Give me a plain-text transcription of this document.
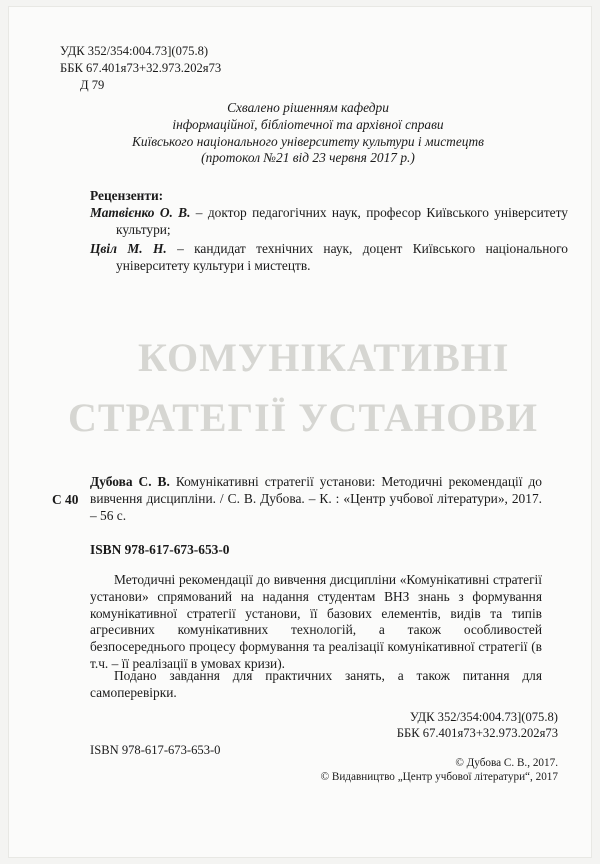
КОМУНІКАТИВНІ
СТРАТЕГІЇ УСТАНОВИ
УДК 352/354:004.73](075.8)
ББК 67.401я73+32.973.202я73
Д 79
Схвалено рішенням кафедри
інформаційної, бібліотечної та архівної справи
Київського національного університету культури і мистецтв
(протокол №21 від 23 червня 2017 р.)
Рецензенти:
Матвієнко О. В. – доктор педагогічних наук, професор Київського університету культури;
Цвіл М. Н. – кандидат технічних наук, доцент Київського національного університету культури і мистецтв.
С 40
Дубова С. В. Комунікативні стратегії установи: Методичні рекомендації до вивчення дисципліни. / С. В. Дубова. – К. : «Центр учбової літератури», 2017. – 56 с.
ISBN 978-617-673-653-0
Методичні рекомендації до вивчення дисципліни «Комунікативні стратегії установи» спрямований на надання студентам ВНЗ знань з формування комунікативної стратегії установи, її базових елементів, видів та типів агресивних комунікативних технологій, а також особливостей безпосереднього процесу формування та реалізації комунікативної стратегії (в т.ч. – її реалізації в умовах кризи).
Подано завдання для практичних занять, а також питання для самоперевірки.
УДК 352/354:004.73](075.8)
ББК 67.401я73+32.973.202я73
ISBN 978-617-673-653-0
© Дубова С. В., 2017.
© Видавництво „Центр учбової літератури“, 2017
